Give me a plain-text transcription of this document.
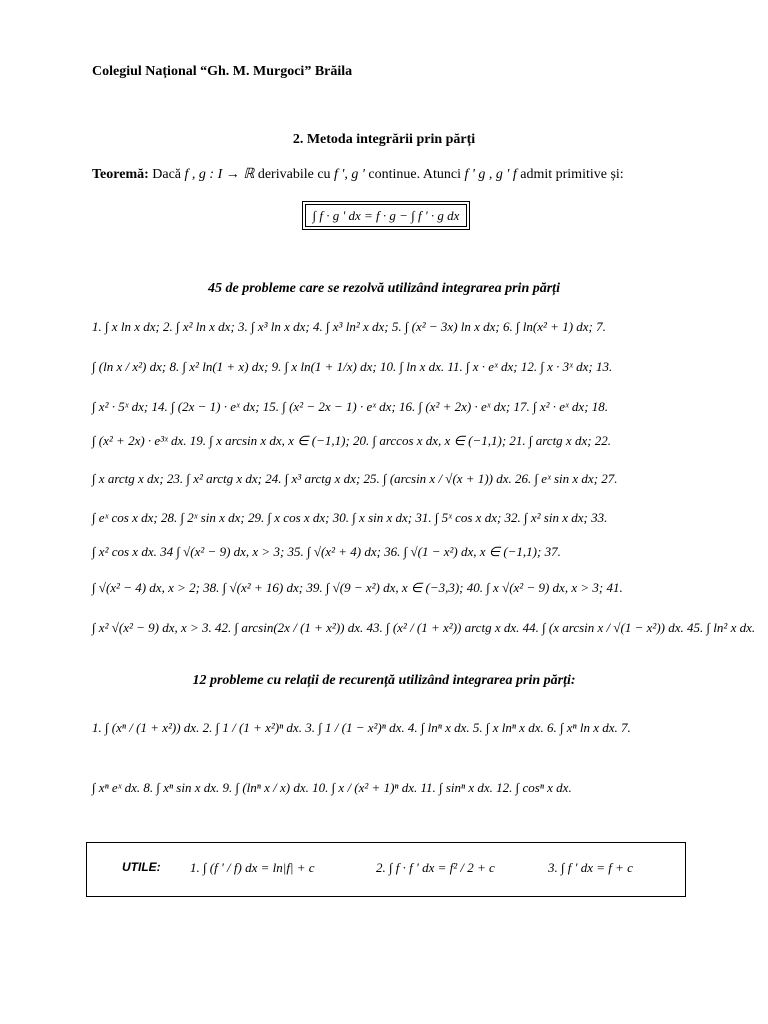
Colegiul Național “Gh. M. Murgoci” Brăila
2. Metoda integrării prin părți
Teoremă: Dacă f , g : I → ℝ derivabile cu f ', g ' continue. Atunci f ' g , g ' f admit primitive și:
∫ f · g ' dx = f · g − ∫ f ' · g dx
45 de probleme care se rezolvă utilizând integrarea prin părți
1. ∫ x ln x dx; 2. ∫ x² ln x dx; 3. ∫ x³ ln x dx; 4. ∫ x³ ln² x dx; 5. ∫ (x² − 3x) ln x dx; 6. ∫ ln(x² + 1) dx; 7.
∫ (ln x / x²) dx; 8. ∫ x² ln(1 + x) dx; 9. ∫ x ln(1 + 1/x) dx; 10. ∫ ln x dx. 11. ∫ x · eˣ dx; 12. ∫ x · 3ˣ dx; 13.
∫ x² · 5ˣ dx; 14. ∫ (2x − 1) · eˣ dx; 15. ∫ (x² − 2x − 1) · eˣ dx; 16. ∫ (x² + 2x) · eˣ dx; 17. ∫ x² · eˣ dx; 18.
∫ (x² + 2x) · e³ˣ dx. 19. ∫ x arcsin x dx, x ∈ (−1,1); 20. ∫ arccos x dx, x ∈ (−1,1); 21. ∫ arctg x dx; 22.
∫ x arctg x dx; 23. ∫ x² arctg x dx; 24. ∫ x³ arctg x dx; 25. ∫ (arcsin x / √(x + 1)) dx. 26. ∫ eˣ sin x dx; 27.
∫ eˣ cos x dx; 28. ∫ 2ˣ sin x dx; 29. ∫ x cos x dx; 30. ∫ x sin x dx; 31. ∫ 5ˣ cos x dx; 32. ∫ x² sin x dx; 33.
∫ x² cos x dx. 34 ∫ √(x² − 9) dx, x > 3; 35. ∫ √(x² + 4) dx; 36. ∫ √(1 − x²) dx, x ∈ (−1,1); 37.
∫ √(x² − 4) dx, x > 2; 38. ∫ √(x² + 16) dx; 39. ∫ √(9 − x²) dx, x ∈ (−3,3); 40. ∫ x √(x² − 9) dx, x > 3; 41.
∫ x² √(x² − 9) dx, x > 3. 42. ∫ arcsin(2x / (1 + x²)) dx. 43. ∫ (x² / (1 + x²)) arctg x dx. 44. ∫ (x arcsin x / √(1 − x²)) dx. 45. ∫ ln² x dx.
12 probleme cu relații de recurență utilizând integrarea prin părți:
1. ∫ (xⁿ / (1 + x²)) dx. 2. ∫ 1 / (1 + x²)ⁿ dx. 3. ∫ 1 / (1 − x²)ⁿ dx. 4. ∫ lnⁿ x dx. 5. ∫ x lnⁿ x dx. 6. ∫ xⁿ ln x dx. 7.
∫ xⁿ eˣ dx. 8. ∫ xⁿ sin x dx. 9. ∫ (lnⁿ x / x) dx. 10. ∫ x / (x² + 1)ⁿ dx. 11. ∫ sinⁿ x dx. 12. ∫ cosⁿ x dx.
UTILE: 1. ∫ (f ' / f) dx = ln|f| + c	2. ∫ f · f ' dx = f² / 2 + c	3. ∫ f ' dx = f + c
